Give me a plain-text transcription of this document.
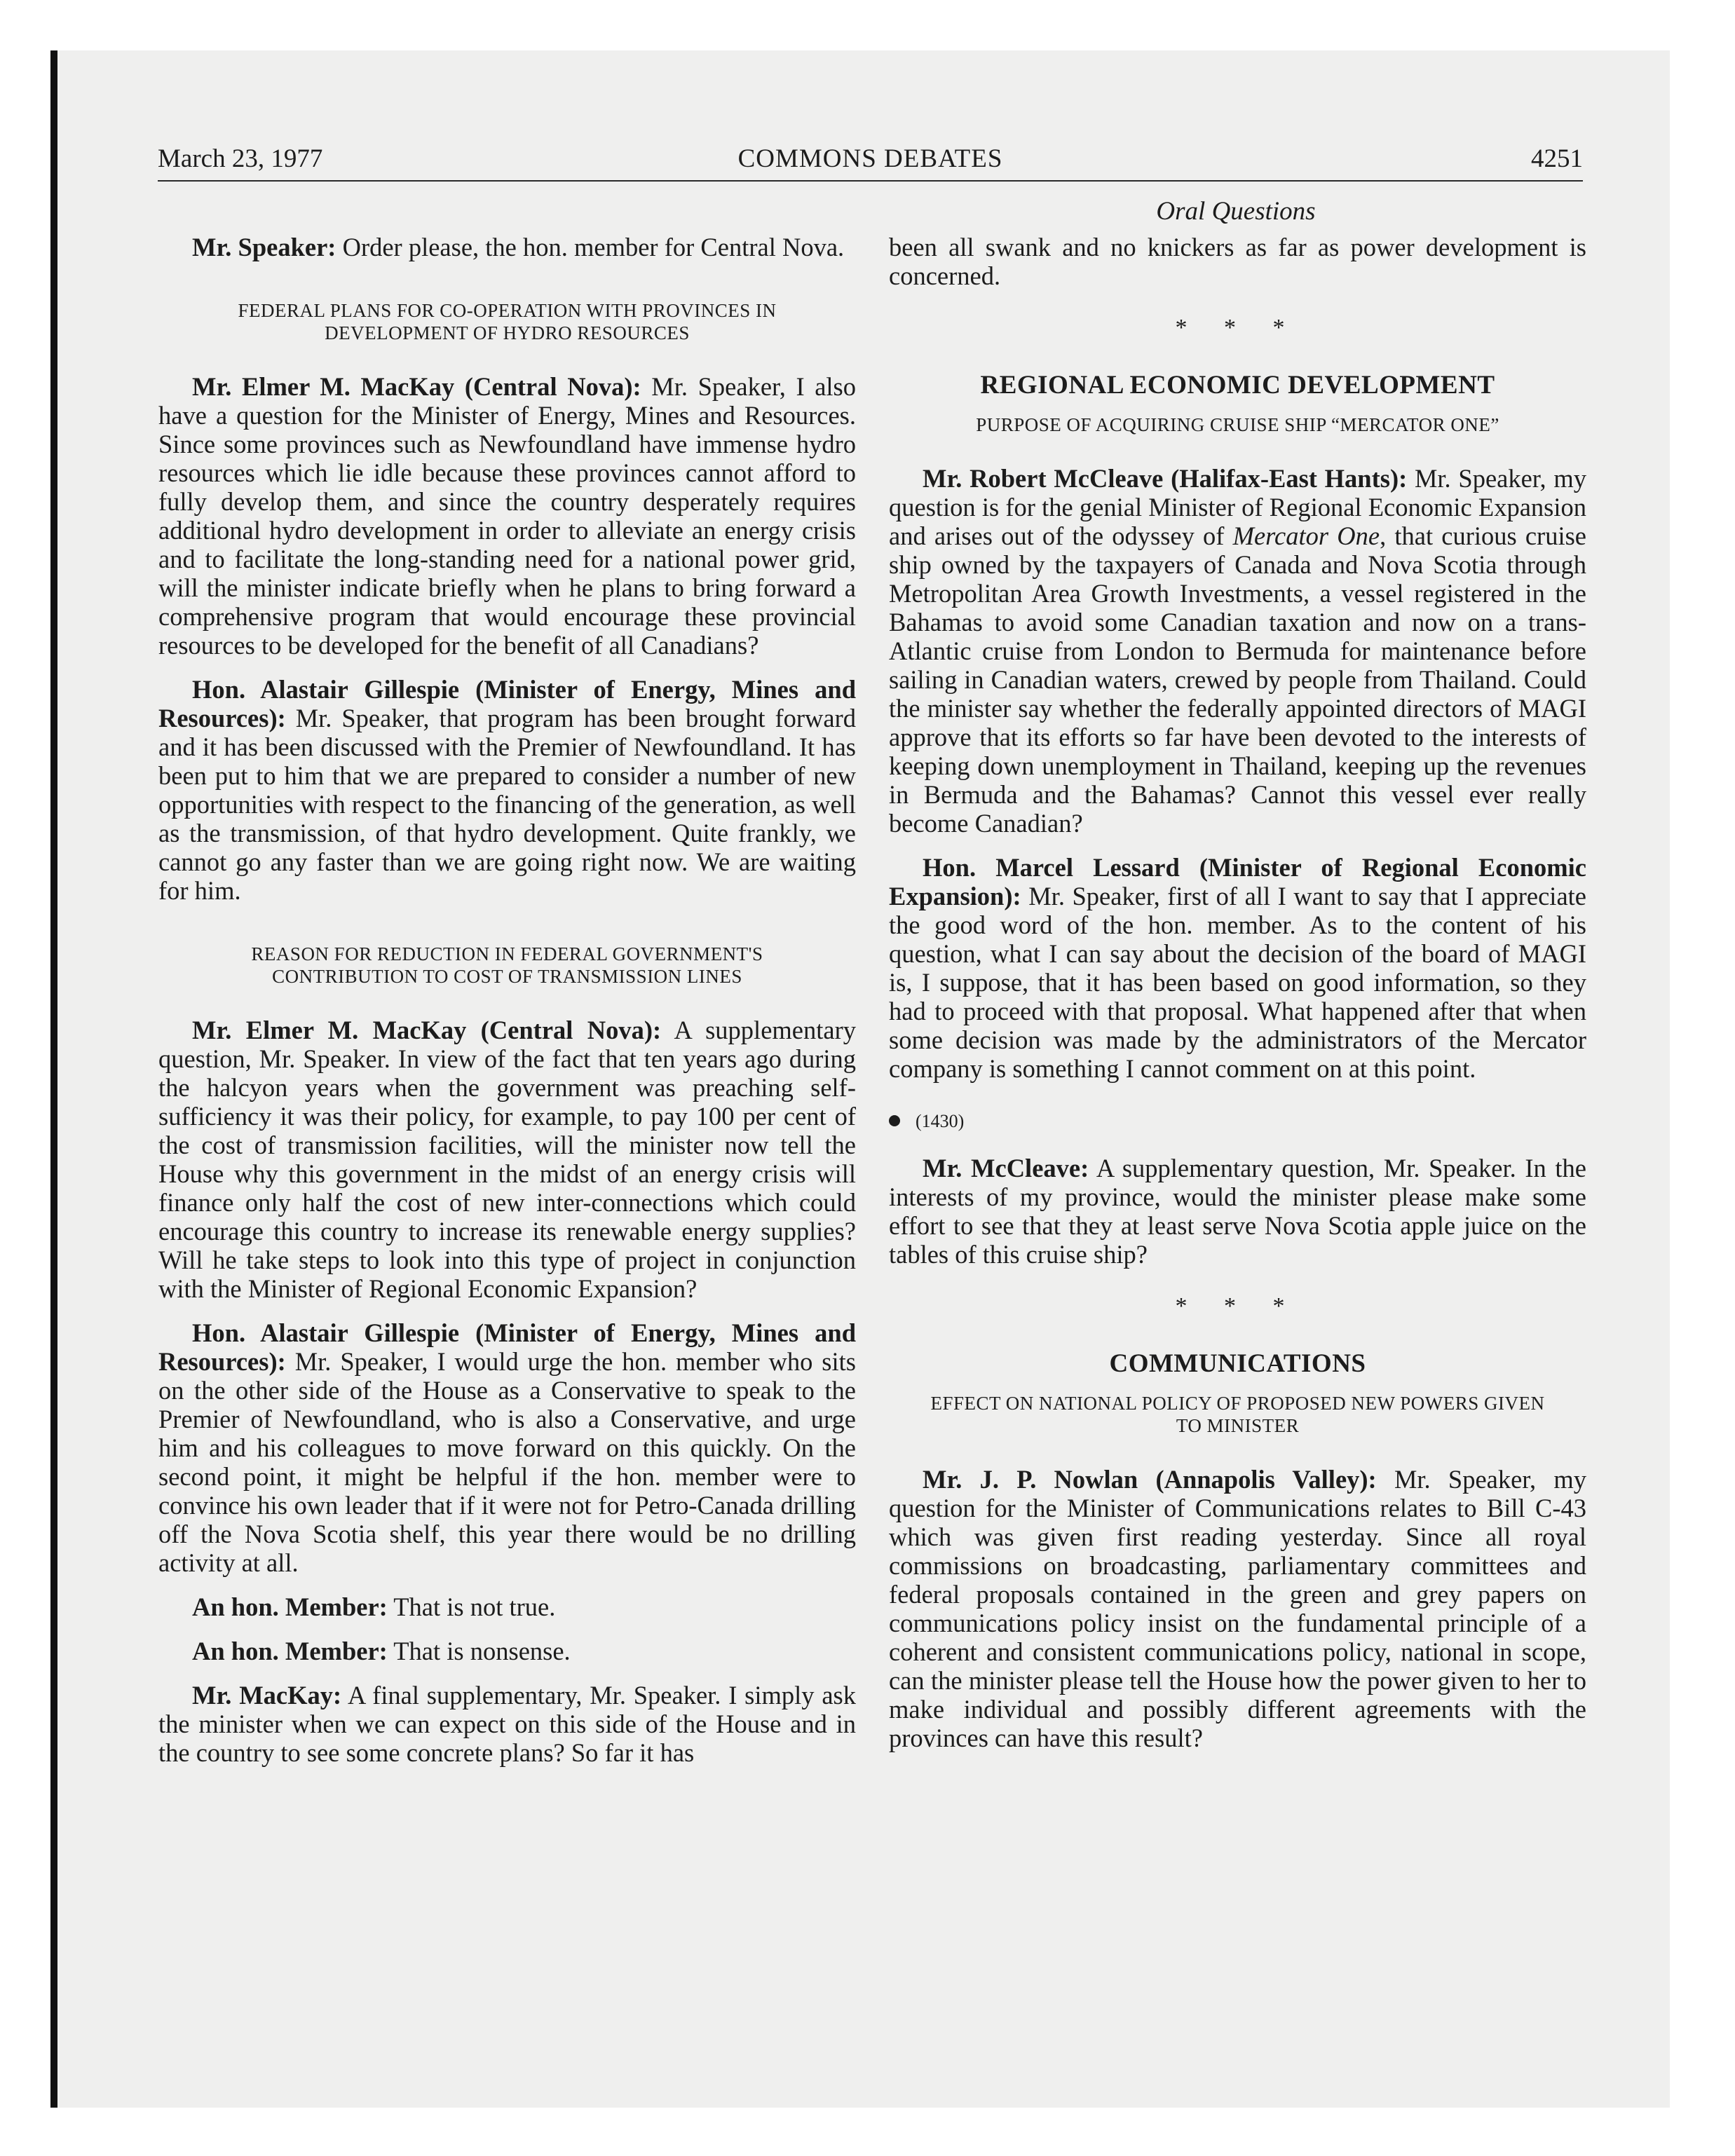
March 23, 1977	COMMONS DEBATES	4251
Oral Questions

Mr. Speaker: Order please, the hon. member for Central Nova.

FEDERAL PLANS FOR CO-OPERATION WITH PROVINCES IN DEVELOPMENT OF HYDRO RESOURCES

Mr. Elmer M. MacKay (Central Nova): Mr. Speaker, I also have a question for the Minister of Energy, Mines and Resources. Since some provinces such as Newfoundland have immense hydro resources which lie idle because these provinces cannot afford to fully develop them, and since the country desperately requires additional hydro development in order to alleviate an energy crisis and to facilitate the long-standing need for a national power grid, will the minister indicate briefly when he plans to bring forward a comprehensive program that would encourage these provincial resources to be developed for the benefit of all Canadians?

Hon. Alastair Gillespie (Minister of Energy, Mines and Resources): Mr. Speaker, that program has been brought forward and it has been discussed with the Premier of Newfoundland. It has been put to him that we are prepared to consider a number of new opportunities with respect to the financing of the generation, as well as the transmission, of that hydro development. Quite frankly, we cannot go any faster than we are going right now. We are waiting for him.

REASON FOR REDUCTION IN FEDERAL GOVERNMENT'S CONTRIBUTION TO COST OF TRANSMISSION LINES

Mr. Elmer M. MacKay (Central Nova): A supplementary question, Mr. Speaker. In view of the fact that ten years ago during the halcyon years when the government was preaching self-sufficiency it was their policy, for example, to pay 100 per cent of the cost of transmission facilities, will the minister now tell the House why this government in the midst of an energy crisis will finance only half the cost of new inter-connections which could encourage this country to increase its renewable energy supplies? Will he take steps to look into this type of project in conjunction with the Minister of Regional Economic Expansion?

Hon. Alastair Gillespie (Minister of Energy, Mines and Resources): Mr. Speaker, I would urge the hon. member who sits on the other side of the House as a Conservative to speak to the Premier of Newfoundland, who is also a Conservative, and urge him and his colleagues to move forward on this quickly. On the second point, it might be helpful if the hon. member were to convince his own leader that if it were not for Petro-Canada drilling off the Nova Scotia shelf, this year there would be no drilling activity at all.

An hon. Member: That is not true.

An hon. Member: That is nonsense.

Mr. MacKay: A final supplementary, Mr. Speaker. I simply ask the minister when we can expect on this side of the House and in the country to see some concrete plans? So far it has

been all swank and no knickers as far as power development is concerned.

* * *
REGIONAL ECONOMIC DEVELOPMENT
PURPOSE OF ACQUIRING CRUISE SHIP “MERCATOR ONE”

Mr. Robert McCleave (Halifax-East Hants): Mr. Speaker, my question is for the genial Minister of Regional Economic Expansion and arises out of the odyssey of Mercator One, that curious cruise ship owned by the taxpayers of Canada and Nova Scotia through Metropolitan Area Growth Investments, a vessel registered in the Bahamas to avoid some Canadian taxation and now on a trans-Atlantic cruise from London to Bermuda for maintenance before sailing in Canadian waters, crewed by people from Thailand. Could the minister say whether the federally appointed directors of MAGI approve that its efforts so far have been devoted to the interests of keeping down unemployment in Thailand, keeping up the revenues in Bermuda and the Bahamas? Cannot this vessel ever really become Canadian?

Hon. Marcel Lessard (Minister of Regional Economic Expansion): Mr. Speaker, first of all I want to say that I appreciate the good word of the hon. member. As to the content of his question, what I can say about the decision of the board of MAGI is, I suppose, that it has been based on good information, so they had to proceed with that proposal. What happened after that when some decision was made by the administrators of the Mercator company is something I cannot comment on at this point.

(1430)

Mr. McCleave: A supplementary question, Mr. Speaker. In the interests of my province, would the minister please make some effort to see that they at least serve Nova Scotia apple juice on the tables of this cruise ship?

* * *
COMMUNICATIONS
EFFECT ON NATIONAL POLICY OF PROPOSED NEW POWERS GIVEN TO MINISTER

Mr. J. P. Nowlan (Annapolis Valley): Mr. Speaker, my question for the Minister of Communications relates to Bill C-43 which was given first reading yesterday. Since all royal commissions on broadcasting, parliamentary committees and federal proposals contained in the green and grey papers on communications policy insist on the fundamental principle of a coherent and consistent communications policy, national in scope, can the minister please tell the House how the power given to her to make individual and possibly different agreements with the provinces can have this result?
